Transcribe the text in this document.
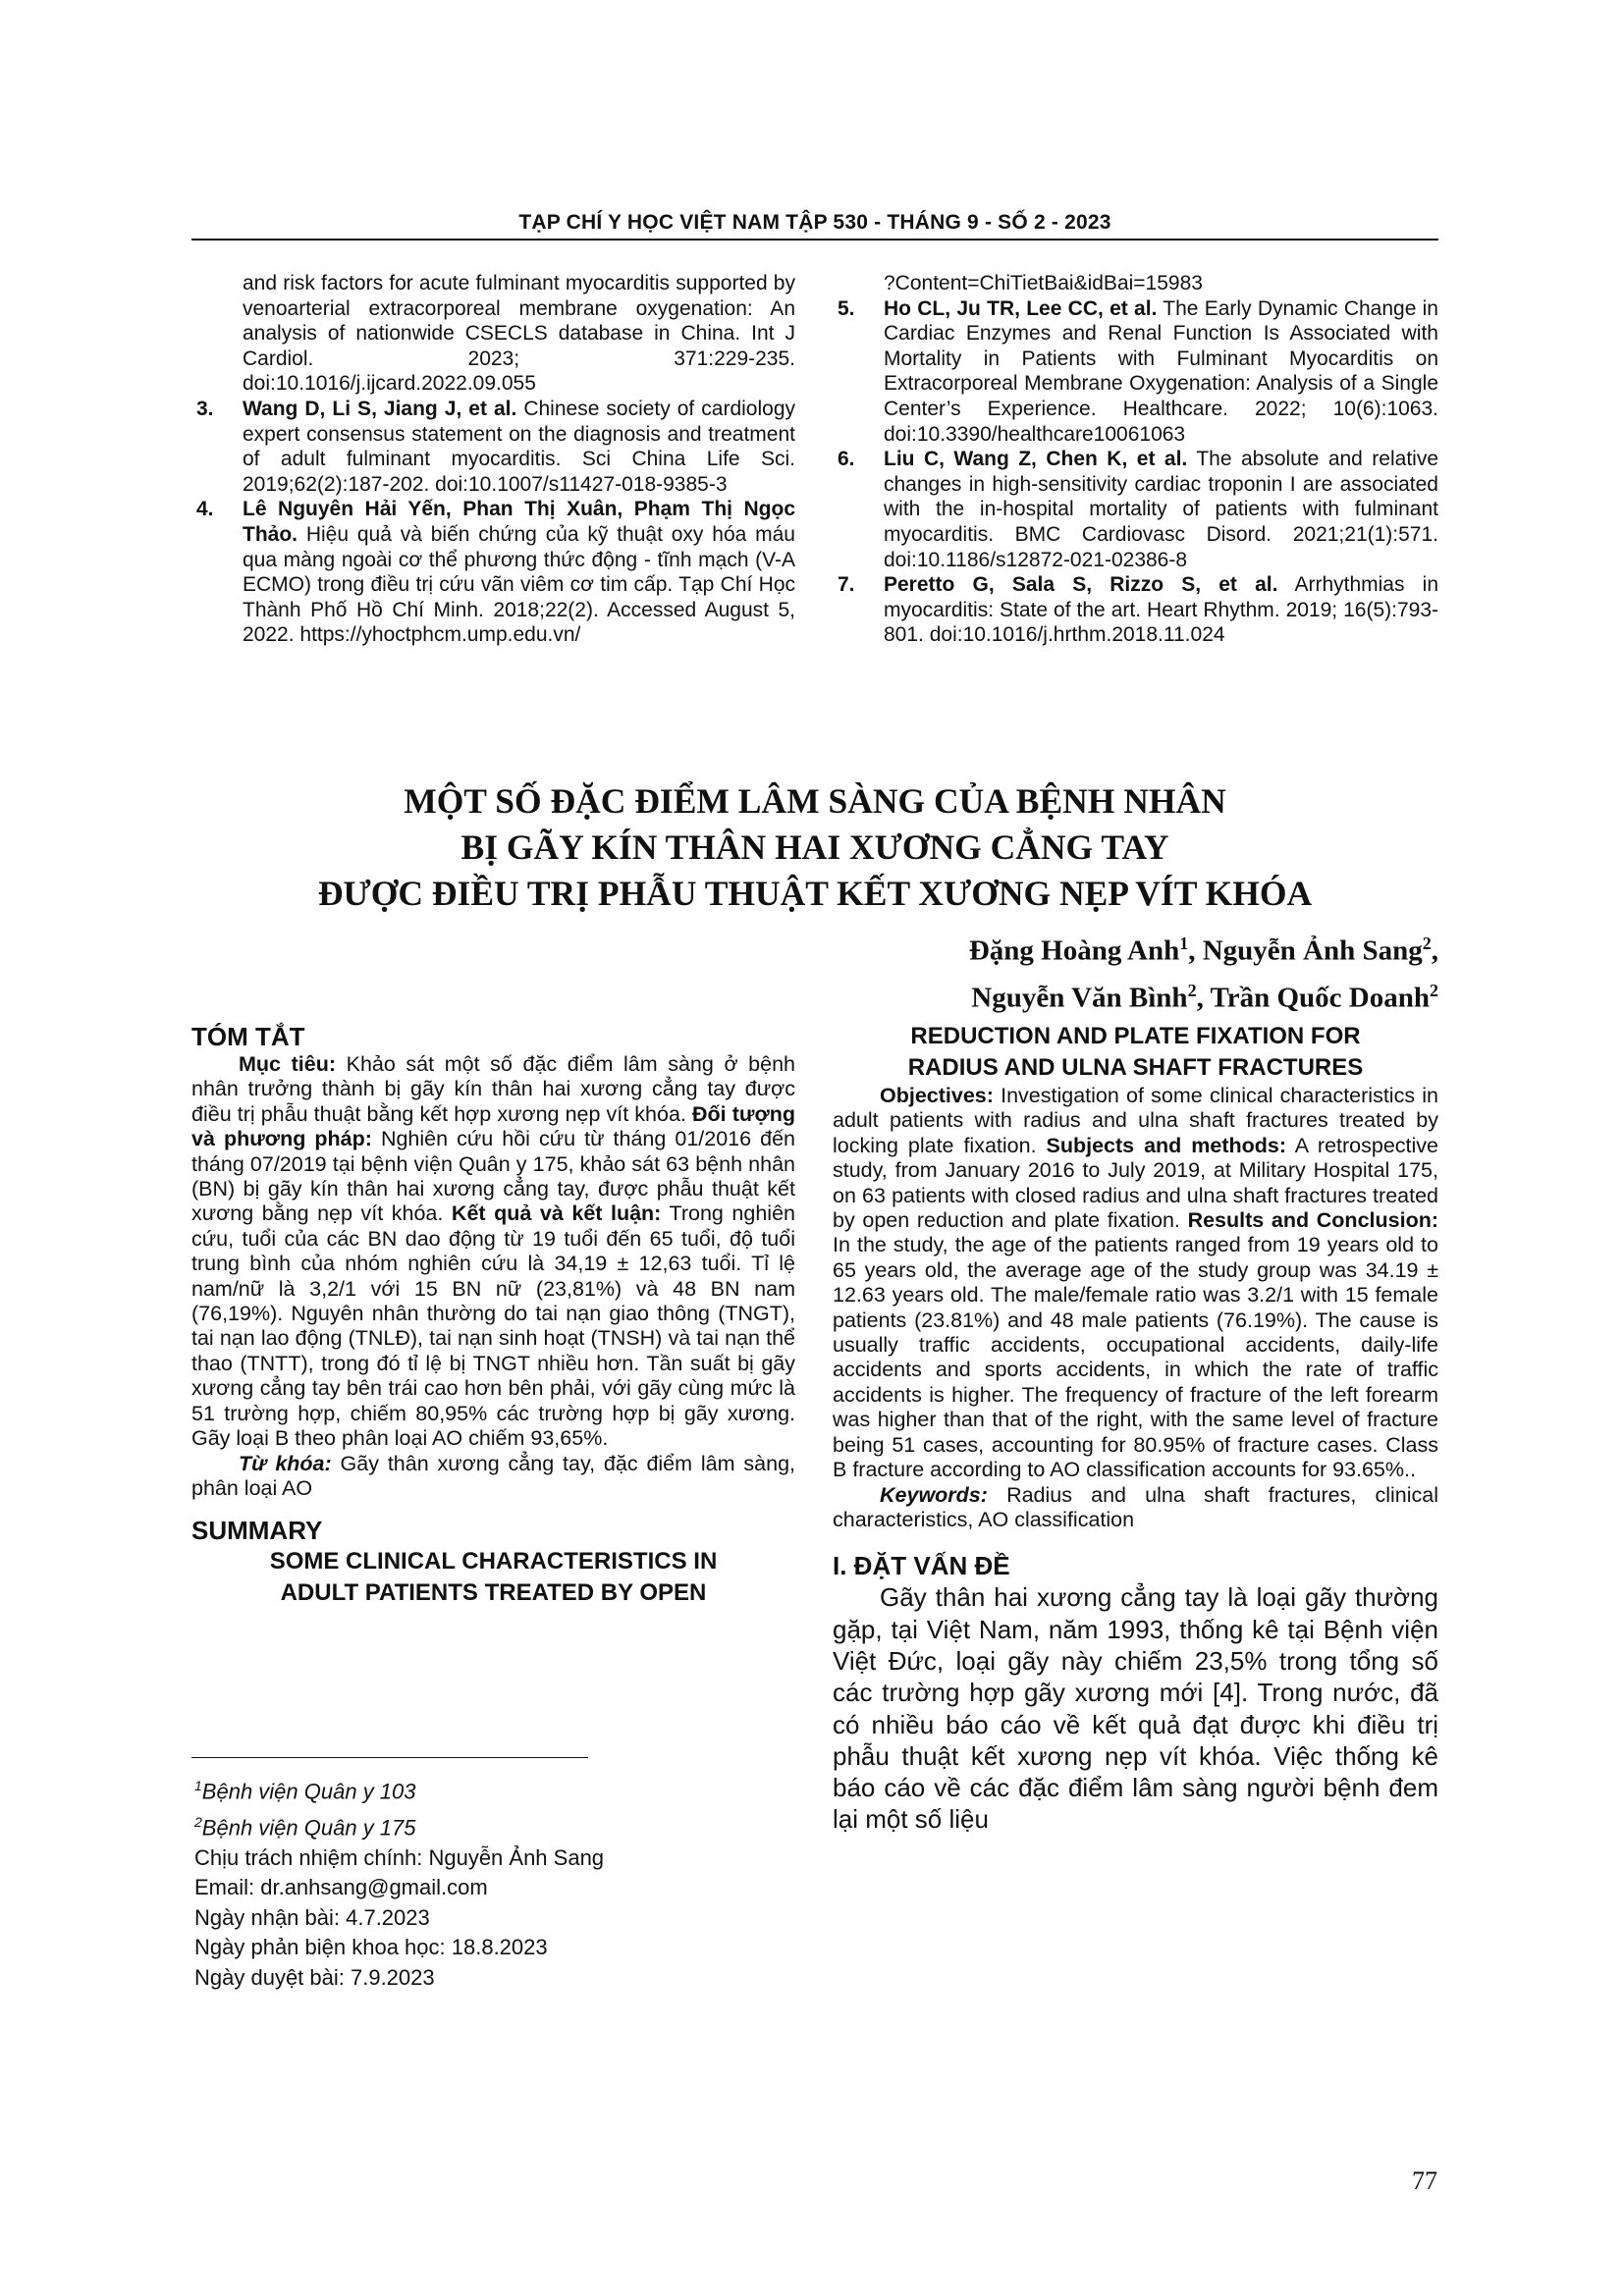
TẠP CHÍ Y HỌC VIỆT NAM TẬP 530 - THÁNG 9 - SỐ 2 - 2023
and risk factors for acute fulminant myocarditis supported by venoarterial extracorporeal membrane oxygenation: An analysis of nationwide CSECLS database in China. Int J Cardiol. 2023; 371:229-235. doi:10.1016/j.ijcard.2022.09.055
3. Wang D, Li S, Jiang J, et al. Chinese society of cardiology expert consensus statement on the diagnosis and treatment of adult fulminant myocarditis. Sci China Life Sci. 2019;62(2):187-202. doi:10.1007/s11427-018-9385-3
4. Lê Nguyên Hải Yến, Phan Thị Xuân, Phạm Thị Ngọc Thảo. Hiệu quả và biến chứng của kỹ thuật oxy hóa máu qua màng ngoài cơ thể phương thức động - tĩnh mạch (V-A ECMO) trong điều trị cứu vãn viêm cơ tim cấp. Tạp Chí Học Thành Phố Hồ Chí Minh. 2018;22(2). Accessed August 5, 2022. https://yhoctphcm.ump.edu.vn/
?Content=ChiTietBai&idBai=15983
5. Ho CL, Ju TR, Lee CC, et al. The Early Dynamic Change in Cardiac Enzymes and Renal Function Is Associated with Mortality in Patients with Fulminant Myocarditis on Extracorporeal Membrane Oxygenation: Analysis of a Single Center’s Experience. Healthcare. 2022; 10(6):1063. doi:10.3390/healthcare10061063
6. Liu C, Wang Z, Chen K, et al. The absolute and relative changes in high-sensitivity cardiac troponin I are associated with the in-hospital mortality of patients with fulminant myocarditis. BMC Cardiovasc Disord. 2021;21(1):571. doi:10.1186/s12872-021-02386-8
7. Peretto G, Sala S, Rizzo S, et al. Arrhythmias in myocarditis: State of the art. Heart Rhythm. 2019; 16(5):793-801. doi:10.1016/j.hrthm.2018.11.024
MỘT SỐ ĐẶC ĐIỂM LÂM SÀNG CỦA BỆNH NHÂN
BỊ GÃY KÍN THÂN HAI XƯƠNG CẲNG TAY
ĐƯỢC ĐIỀU TRỊ PHẪU THUẬT KẾT XƯƠNG NẸP VÍT KHÓA
Đặng Hoàng Anh$^1$, Nguyễn Ảnh Sang$^2$,
Nguyễn Văn Bình$^2$, Trần Quốc Doanh$^2$
TÓM TẮT
Mục tiêu: Khảo sát một số đặc điểm lâm sàng ở bệnh nhân trưởng thành bị gãy kín thân hai xương cẳng tay được điều trị phẫu thuật bằng kết hợp xương nẹp vít khóa. Đối tượng và phương pháp: Nghiên cứu hồi cứu từ tháng 01/2016 đến tháng 07/2019 tại bệnh viện Quân y 175, khảo sát 63 bệnh nhân (BN) bị gãy kín thân hai xương cẳng tay, được phẫu thuật kết xương bằng nẹp vít khóa. Kết quả và kết luận: Trong nghiên cứu, tuổi của các BN dao động từ 19 tuổi đến 65 tuổi, độ tuổi trung bình của nhóm nghiên cứu là 34,19 ± 12,63 tuổi. Tỉ lệ nam/nữ là 3,2/1 với 15 BN nữ (23,81%) và 48 BN nam (76,19%). Nguyên nhân thường do tai nạn giao thông (TNGT), tai nạn lao động (TNLĐ), tai nạn sinh hoạt (TNSH) và tai nạn thể thao (TNTT), trong đó tỉ lệ bị TNGT nhiều hơn. Tần suất bị gãy xương cẳng tay bên trái cao hơn bên phải, với gãy cùng mức là 51 trường hợp, chiếm 80,95% các trường hợp bị gãy xương. Gãy loại B theo phân loại AO chiếm 93,65%.
Từ khóa: Gãy thân xương cẳng tay, đặc điểm lâm sàng, phân loại AO
SUMMARY
SOME CLINICAL CHARACTERISTICS IN
ADULT PATIENTS TREATED BY OPEN
REDUCTION AND PLATE FIXATION FOR
RADIUS AND ULNA SHAFT FRACTURES
Objectives: Investigation of some clinical characteristics in adult patients with radius and ulna shaft fractures treated by locking plate fixation. Subjects and methods: A retrospective study, from January 2016 to July 2019, at Military Hospital 175, on 63 patients with closed radius and ulna shaft fractures treated by open reduction and plate fixation. Results and Conclusion: In the study, the age of the patients ranged from 19 years old to 65 years old, the average age of the study group was 34.19 ± 12.63 years old. The male/female ratio was 3.2/1 with 15 female patients (23.81%) and 48 male patients (76.19%). The cause is usually traffic accidents, occupational accidents, daily-life accidents and sports accidents, in which the rate of traffic accidents is higher. The frequency of fracture of the left forearm was higher than that of the right, with the same level of fracture being 51 cases, accounting for 80.95% of fracture cases. Class B fracture according to AO classification accounts for 93.65%..
Keywords: Radius and ulna shaft fractures, clinical characteristics, AO classification
I. ĐẶT VẤN ĐỀ
Gãy thân hai xương cẳng tay là loại gãy thường gặp, tại Việt Nam, năm 1993, thống kê tại Bệnh viện Việt Đức, loại gãy này chiếm 23,5% trong tổng số các trường hợp gãy xương mới [4]. Trong nước, đã có nhiều báo cáo về kết quả đạt được khi điều trị phẫu thuật kết xương nẹp vít khóa. Việc thống kê báo cáo về các đặc điểm lâm sàng người bệnh đem lại một số liệu
$^1$Bệnh viện Quân y 103
$^2$Bệnh viện Quân y 175
Chịu trách nhiệm chính: Nguyễn Ảnh Sang
Email: dr.anhsang@gmail.com
Ngày nhận bài: 4.7.2023
Ngày phản biện khoa học: 18.8.2023
Ngày duyệt bài: 7.9.2023
77
